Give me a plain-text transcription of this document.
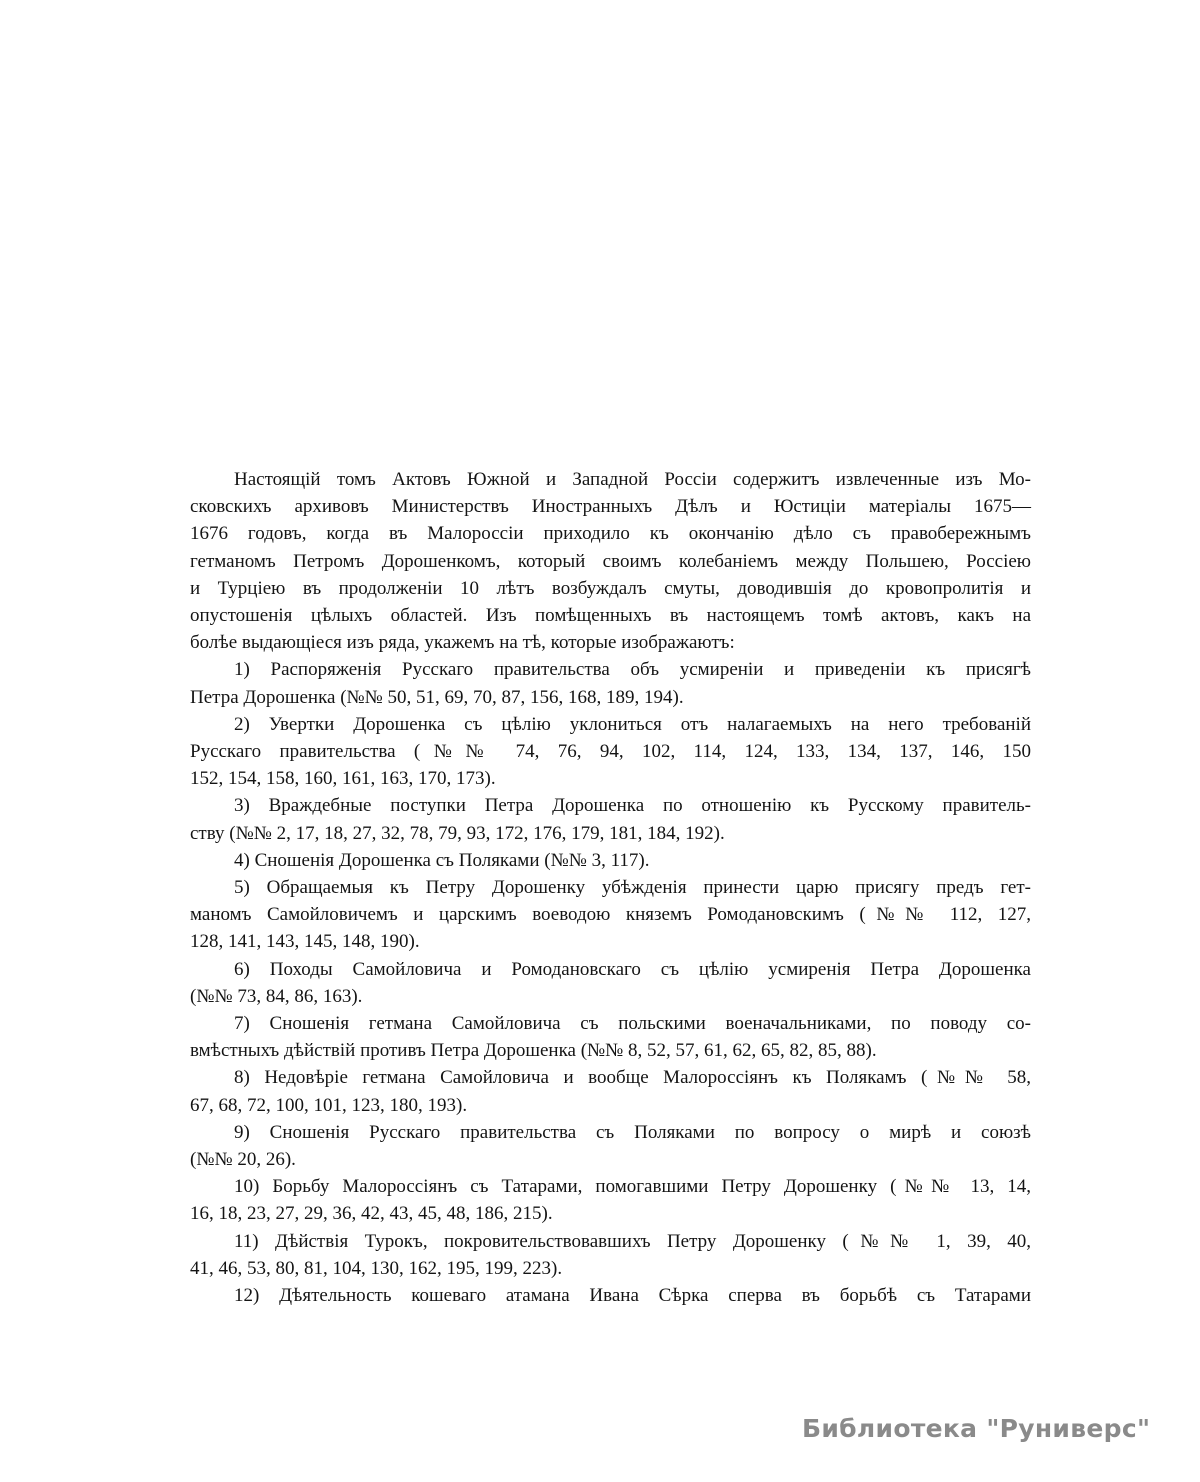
Настоящій томъ Актовъ Южной и Западной Россіи содержитъ извлеченные изъ Мо-
сковскихъ архивовъ Министерствъ Иностранныхъ Дѣлъ и Юстиціи матеріалы 1675—
1676 годовъ, когда въ Малороссіи приходило къ окончанію дѣло съ правобережнымъ
гетманомъ Петромъ Дорошенкомъ, который своимъ колебаніемъ между Польшею, Россіею
и Турціею въ продолженіи 10 лѣтъ возбуждалъ смуты, доводившія до кровопролитія и
опустошенія цѣлыхъ областей. Изъ помѣщенныхъ въ настоящемъ томѣ актовъ, какъ на
болѣе выдающіеся изъ ряда, укажемъ на тѣ, которые изображаютъ:
1) Распоряженія Русскаго правительства объ усмиреніи и приведеніи къ присягѣ
Петра Дорошенка (№№ 50, 51, 69, 70, 87, 156, 168, 189, 194).
2) Увертки Дорошенка съ цѣлію уклониться отъ налагаемыхъ на него требованій
Русскаго правительства (№№ 74, 76, 94, 102, 114, 124, 133, 134, 137, 146, 150
152, 154, 158, 160, 161, 163, 170, 173).
3) Враждебные поступки Петра Дорошенка по отношенію къ Русскому правитель-
ству (№№ 2, 17, 18, 27, 32, 78, 79, 93, 172, 176, 179, 181, 184, 192).
4) Сношенія Дорошенка съ Поляками (№№ 3, 117).
5) Обращаемыя къ Петру Дорошенку убѣжденія принести царю присягу предъ гет-
маномъ Самойловичемъ и царскимъ воеводою княземъ Ромодановскимъ (№№ 112, 127,
128, 141, 143, 145, 148, 190).
6) Походы Самойловича и Ромодановскаго съ цѣлію усмиренія Петра Дорошенка
(№№ 73, 84, 86, 163).
7) Сношенія гетмана Самойловича съ польскими военачальниками, по поводу со-
вмѣстныхъ дѣйствій противъ Петра Дорошенка (№№ 8, 52, 57, 61, 62, 65, 82, 85, 88).
8) Недовѣріе гетмана Самойловича и вообще Малороссіянъ къ Полякамъ (№№ 58,
67, 68, 72, 100, 101, 123, 180, 193).
9) Сношенія Русскаго правительства съ Поляками по вопросу о мирѣ и союзѣ
(№№ 20, 26).
10) Борьбу Малороссіянъ съ Татарами, помогавшими Петру Дорошенку (№№ 13, 14,
16, 18, 23, 27, 29, 36, 42, 43, 45, 48, 186, 215).
11) Дѣйствія Турокъ, покровительствовавшихъ Петру Дорошенку (№№ 1, 39, 40,
41, 46, 53, 80, 81, 104, 130, 162, 195, 199, 223).
12) Дѣятельность кошеваго атамана Ивана Сѣрка сперва въ борьбѣ съ Татарами
Библиотека "Руниверс"
